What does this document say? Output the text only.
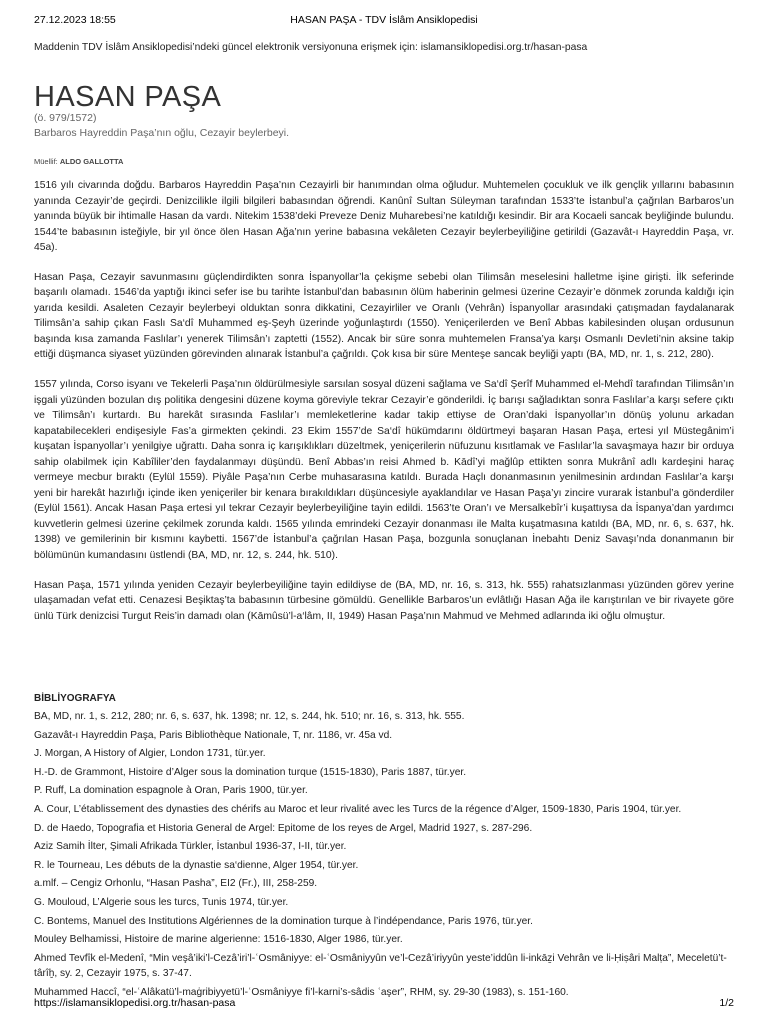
27.12.2023 18:55	HASAN PAŞA - TDV İslâm Ansiklopedisi
Maddenin TDV İslâm Ansiklopedisi’ndeki güncel elektronik versiyonuna erişmek için: islamansiklopedisi.org.tr/hasan-pasa
HASAN PAŞA
(ö. 979/1572)
Barbaros Hayreddin Paşa’nın oğlu, Cezayir beylerbeyi.
Müellif: ALDO GALLOTTA

1516 yılı civarında doğdu. Barbaros Hayreddin Paşa’nın Cezayirli bir hanımından olma oğludur. Muhtemelen çocukluk ve ilk gençlik yıllarını babasının yanında Cezayir’de geçirdi. Denizcilikle ilgili bilgileri babasından öğrendi. Kanûnî Sultan Süleyman tarafından 1533’te İstanbul’a çağrılan Barbaros’un yanında büyük bir ihtimalle Hasan da vardı. Nitekim 1538’deki Preveze Deniz Muharebesi’ne katıldığı kesindir. Bir ara Kocaeli sancak beyliğinde bulundu. 1544’te babasının isteğiyle, bir yıl önce ölen Hasan Ağa’nın yerine babasına vekâleten Cezayir beylerbeyiliğine getirildi (Gazavât-ı Hayreddin Paşa, vr. 45a).

Hasan Paşa, Cezayir savunmasını güçlendirdikten sonra İspanyollar’la çekişme sebebi olan Tilimsân meselesini halletme işine girişti. İlk seferinde başarılı olamadı. 1546’da yaptığı ikinci sefer ise bu tarihte İstanbul’dan babasının ölüm haberinin gelmesi üzerine Cezayir’e dönmek zorunda kaldığı için yarıda kesildi. Asaleten Cezayir beylerbeyi olduktan sonra dikkatini, Cezayirliler ve Oranlı (Vehrân) İspanyollar arasındaki çatışmadan faydalanarak Tilimsân’a sahip çıkan Faslı Sa‘dî Muhammed eş-Şeyh üzerinde yoğunlaştırdı (1550). Yeniçerilerden ve Benî Abbas kabilesinden oluşan ordusunun başında kısa zamanda Faslılar’ı yenerek Tilimsân’ı zaptetti (1552). Ancak bir süre sonra muhtemelen Fransa’ya karşı Osmanlı Devleti’nin aksine takip ettiği düşmanca siyaset yüzünden görevinden alınarak İstanbul’a çağrıldı. Çok kısa bir süre Menteşe sancak beyliği yaptı (BA, MD, nr. 1, s. 212, 280).

1557 yılında, Corso isyanı ve Tekelerli Paşa’nın öldürülmesiyle sarsılan sosyal düzeni sağlama ve Sa‘dî Şerîf Muhammed el-Mehdî tarafından Tilimsân’ın işgali yüzünden bozulan dış politika dengesini düzene koyma göreviyle tekrar Cezayir’e gönderildi. İç barışı sağladıktan sonra Faslılar’a karşı sefere çıktı ve Tilimsân’ı kurtardı. Bu harekât sırasında Faslılar’ı memleketlerine kadar takip ettiyse de Oran’daki İspanyollar’ın dönüş yolunu arkadan kapatabilecekleri endişesiyle Fas’a girmekten çekindi. 23 Ekim 1557’de Sa‘dî hükümdarını öldürtmeyi başaran Hasan Paşa, ertesi yıl Müstegânim’i kuşatan İspanyollar’ı yenilgiye uğrattı. Daha sonra iç karışıklıkları düzeltmek, yeniçerilerin nüfuzunu kısıtlamak ve Faslılar’la savaşmaya hazır bir orduya sahip olabilmek için Kabîliler’den faydalanmayı düşündü. Benî Abbas’ın reisi Ahmed b. Kādî’yi mağlûp ettikten sonra Mukrânî adlı kardeşini haraç vermeye mecbur bıraktı (Eylül 1559). Piyâle Paşa’nın Cerbe muhasarasına katıldı. Burada Haçlı donanmasının yenilmesinin ardından Faslılar’a karşı yeni bir harekât hazırlığı içinde iken yeniçeriler bir kenara bırakıldıkları düşüncesiyle ayaklandılar ve Hasan Paşa’yı zincire vurarak İstanbul’a gönderdiler (Eylül 1561). Ancak Hasan Paşa ertesi yıl tekrar Cezayir beylerbeyiliğine tayin edildi. 1563’te Oran’ı ve Mersalkebîr’i kuşattıysa da İspanya’dan yardımcı kuvvetlerin gelmesi üzerine çekilmek zorunda kaldı. 1565 yılında emrindeki Cezayir donanması ile Malta kuşatmasına katıldı (BA, MD, nr. 6, s. 637, hk. 1398) ve gemilerinin bir kısmını kaybetti. 1567’de İstanbul’a çağrılan Hasan Paşa, bozgunla sonuçlanan İnebahtı Deniz Savaşı’nda donanmanın bir bölümünün kumandasını üstlendi (BA, MD, nr. 12, s. 244, hk. 510).

Hasan Paşa, 1571 yılında yeniden Cezayir beylerbeyiliğine tayin edildiyse de (BA, MD, nr. 16, s. 313, hk. 555) rahatsızlanması yüzünden görev yerine ulaşamadan vefat etti. Cenazesi Beşiktaş’ta babasının türbesine gömüldü. Genellikle Barbaros’un evlâtlığı Hasan Ağa ile karıştırılan ve bir rivayete göre ünlü Türk denizcisi Turgut Reis’in damadı olan (Kāmûsü’l-a‘lâm, II, 1949) Hasan Paşa’nın Mahmud ve Mehmed adlarında iki oğlu olmuştur.

BİBLİYOGRAFYA
BA, MD, nr. 1, s. 212, 280; nr. 6, s. 637, hk. 1398; nr. 12, s. 244, hk. 510; nr. 16, s. 313, hk. 555.
Gazavât-ı Hayreddin Paşa, Paris Bibliothèque Nationale, T, nr. 1186, vr. 45a vd.
J. Morgan, A History of Algier, London 1731, tür.yer.
H.-D. de Grammont, Histoire d’Alger sous la domination turque (1515-1830), Paris 1887, tür.yer.
P. Ruff, La domination espagnole à Oran, Paris 1900, tür.yer.
A. Cour, L’établissement des dynasties des chérifs au Maroc et leur rivalité avec les Turcs de la régence d’Alger, 1509-1830, Paris 1904, tür.yer.
D. de Haedo, Topografia et Historia General de Argel: Epitome de los reyes de Argel, Madrid 1927, s. 287-296.
Aziz Samih İlter, Şimali Afrikada Türkler, İstanbul 1936-37, I-II, tür.yer.
R. le Tourneau, Les débuts de la dynastie sa‘dienne, Alger 1954, tür.yer.
a.mlf. – Cengiz Orhonlu, “Hasan Pasha”, EI2 (Fr.), III, 258-259.
G. Mouloud, L’Algerie sous les turcs, Tunis 1974, tür.yer.
C. Bontems, Manuel des Institutions Algériennes de la domination turque à l’indépendance, Paris 1976, tür.yer.
Mouley Belhamissi, Histoire de marine algerienne: 1516-1830, Alger 1986, tür.yer.
Ahmed Tevfîk el-Medenî, “Min veşâ’iki’l-Cezâ’iri’l-ʿOsmâniyye: el-ʿOsmâniyyûn ve’l-Cezâ’iriyyûn yeste’iddûn li-inkāẕi Vehrân ve li-Ḥiṣâri Malṭa”, Meceletü’t-târîḫ, sy. 2, Cezayir 1975, s. 37-47.
Muhammed Haccî, “el-ʿAlâkatü’l-maġribiyyetü’l-ʿOsmâniyye fi’l-karni’s-sâdis ʿaşer”, RHM, sy. 29-30 (1983), s. 151-160.
https://islamansiklopedisi.org.tr/hasan-pasa	1/2
